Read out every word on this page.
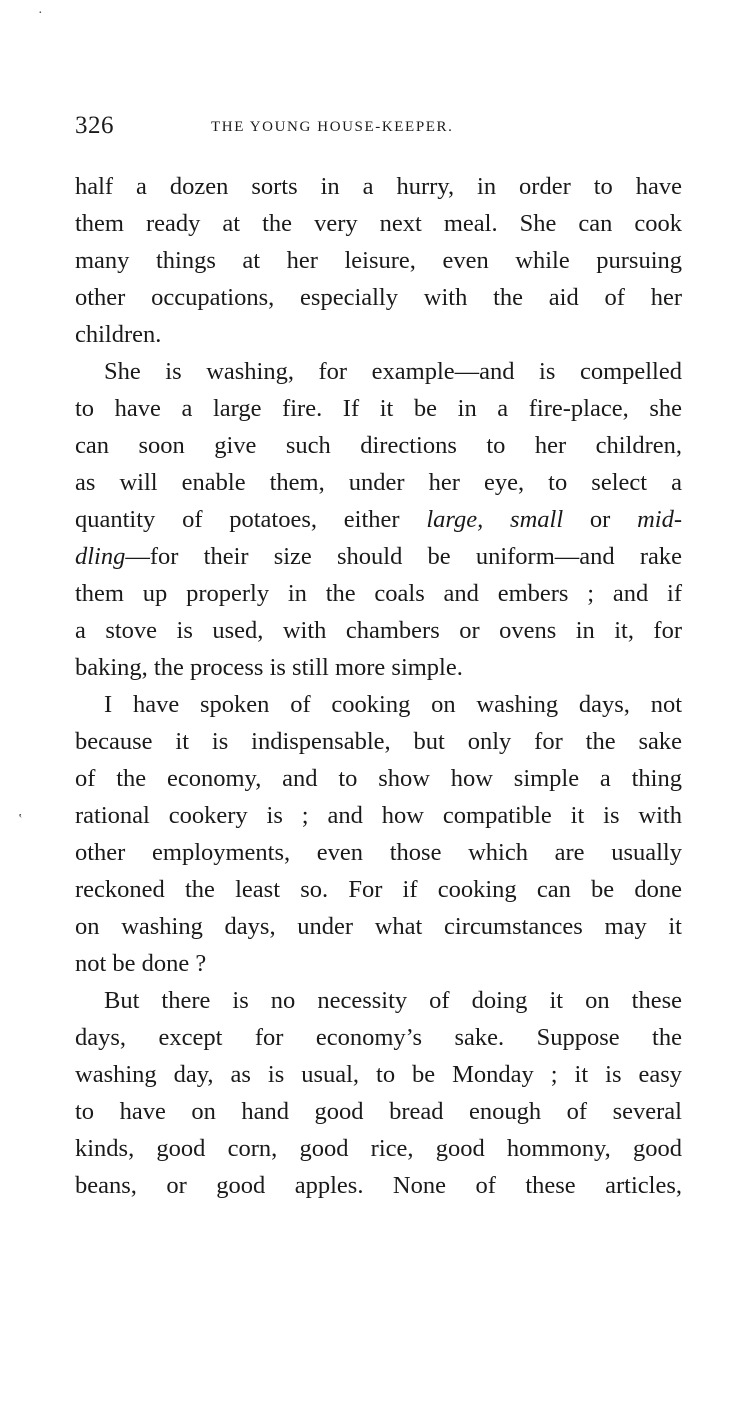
·
‛
326	THE YOUNG HOUSE-KEEPER.
half a dozen sorts in a hurry, in order to have
them ready at the very next meal. She can cook
many things at her leisure, even while pursuing
other occupations, especially with the aid of her
children.
She is washing, for example—and is compelled
to have a large fire. If it be in a fire-place, she
can soon give such directions to her children,
as will enable them, under her eye, to select a
quantity of potatoes, either large, small or mid-
dling—for their size should be uniform—and rake
them up properly in the coals and embers ; and if
a stove is used, with chambers or ovens in it, for
baking, the process is still more simple.
I have spoken of cooking on washing days, not
because it is indispensable, but only for the sake
of the economy, and to show how simple a thing
rational cookery is ; and how compatible it is with
other employments, even those which are usually
reckoned the least so. For if cooking can be done
on washing days, under what circumstances may it
not be done ?
But there is no necessity of doing it on these
days, except for economy’s sake. Suppose the
washing day, as is usual, to be Monday ; it is easy
to have on hand good bread enough of several
kinds, good corn, good rice, good hommony, good
beans, or good apples. None of these articles,
